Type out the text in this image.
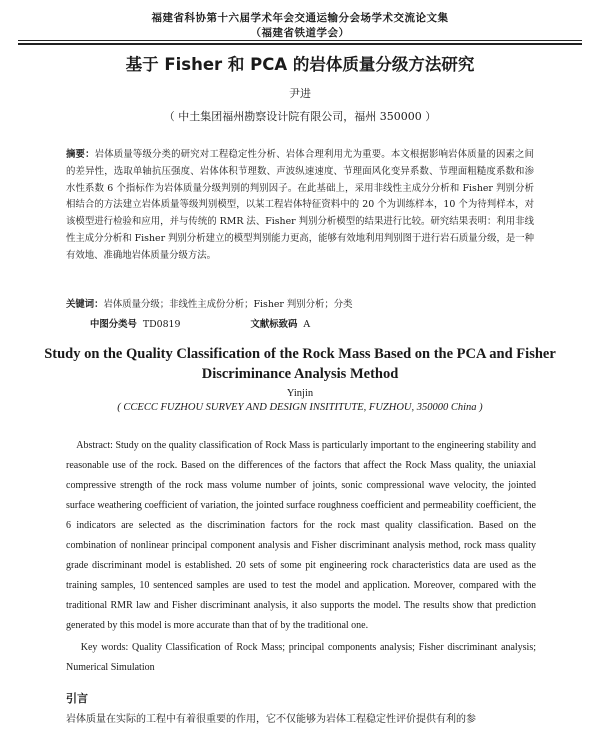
福建省科协第十六届学术年会交通运输分会场学术交流论文集
（福建省铁道学会）
基于 Fisher 和 PCA 的岩体质量分级方法研究
尹进
（ 中土集团福州勘察设计院有限公司，福州 350000 ）
摘要：岩体质量等级分类的研究对工程稳定性分析、岩体合理利用尤为重要。本文根据影响岩体质量的因素之间的差异性，选取单轴抗压强度、岩体体积节理数、声波纵速速度、节理面风化变异系数、节理面粗糙度系数和渗水性系数 6 个指标作为岩体质量分级判别的判别因子。在此基础上，采用非线性主成分分析和 Fisher 判别分析相结合的方法建立岩体质量等级判别模型，以某工程岩体特征资料中的 20 个为训练样本，10 个为待判样本，对该模型进行检验和应用，并与传统的 RMR 法、Fisher 判别分析模型的结果进行比较。研究结果表明：利用非线性主成分分析和 Fisher 判别分析建立的模型判别能力更高，能够有效地利用判别图于进行岩石质量分级，是一种有效地、准确地岩体质量分级方法。
关键词：岩体质量分级；非线性主成份分析；Fisher 判别分析；分类
中图分类号 TD0819	文献标致码 A
Study on the Quality Classification of the Rock Mass Based on the PCA and Fisher Discriminance Analysis Method
Yinjin
( CCECC FUZHOU SURVEY AND DESIGN INSITITUTE, FUZHOU, 350000 China )
Abstract: Study on the quality classification of Rock Mass is particularly important to the engineering stability and reasonable use of the rock. Based on the differences of the factors that affect the Rock Mass quality, the uniaxial compressive strength of the rock mass volume number of joints, sonic compressional wave velocity, the jointed surface weathering coefficient of variation, the jointed surface roughness coefficient and permeability coefficient, the 6 indicators are selected as the discrimination factors for the rock mast quality classification. Based on the combination of nonlinear principal component analysis and Fisher discriminant analysis method, rock mass quality grade discriminant model is established. 20 sets of some pit engineering rock characteristics data are used as the training samples, 10 sentenced samples are used to test the model and application. Moreover, compared with the traditional RMR law and Fisher discriminant analysis, it also supports the model. The results show that prediction generated by this model is more accurate than that of by the traditional one.
Key words: Quality Classification of Rock Mass; principal components analysis; Fisher discriminant analysis; Numerical Simulation
引言
岩体质量在实际的工程中有着很重要的作用，它不仅能够为岩体工程稳定性评价提供有利的参
